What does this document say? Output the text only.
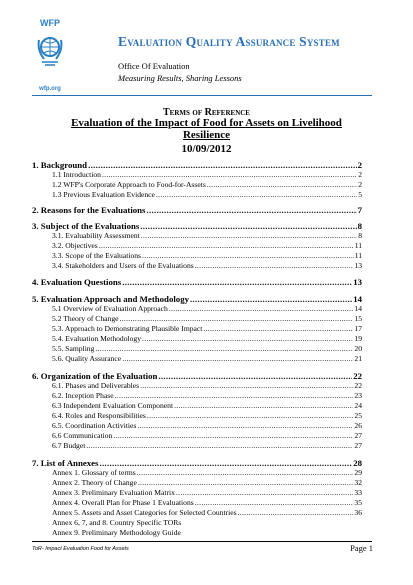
WFP
wfp.org
Evaluation Quality Assurance System
Office Of Evaluation
Measuring Results, Sharing Lessons
Terms of Reference
Evaluation of the Impact of Food for Assets on Livelihood Resilience
10/09/2012
1. Background .....	2
1.1 Introduction .....	2
1.2 WFP's Corporate Approach to Food-for-Assets .....	2
1.3 Previous Evaluation Evidence .....	5
2. Reasons for the Evaluations .....	7
3. Subject of the Evaluations .....	8
3.1. Evaluability Assessment .....	8
3.2. Objectives .....	11
3.3. Scope of the Evaluations .....	11
3.4. Stakeholders and Users of the Evaluations .....	13
4. Evaluation Questions .....	13
5. Evaluation Approach and Methodology .....	14
5.1 Overview of Evaluation Approach .....	14
5.2 Theory of Change .....	15
5.3. Approach to Demonstrating Plausible Impact .....	17
5.4. Evaluation Methodology .....	19
5.5. Sampling .....	20
5.6. Quality Assurance .....	21
6. Organization of the Evaluation .....	22
6.1. Phases and Deliverables .....	22
6.2. Inception Phase .....	23
6.3 Independent Evaluation Component .....	24
6.4. Roles and Responsibilities .....	25
6.5. Coordination Activities .....	26
6.6 Communication .....	27
6.7 Budget .....	27
7. List of Annexes .....	28
Annex 1. Glossary of terms .....	29
Annex 2. Theory of Change .....	32
Annex 3. Preliminary Evaluation Matrix .....	33
Annex 4. Overall Plan for Phase 1 Evaluations .....	35
Annex 5. Assets and Asset Categories for Selected Countries .....	36
Annex 6, 7, and 8. Country Specific TORs
Annex 9. Preliminary Methodology Guide
ToR- Impact Evaluation Food for Assets	Page 1
